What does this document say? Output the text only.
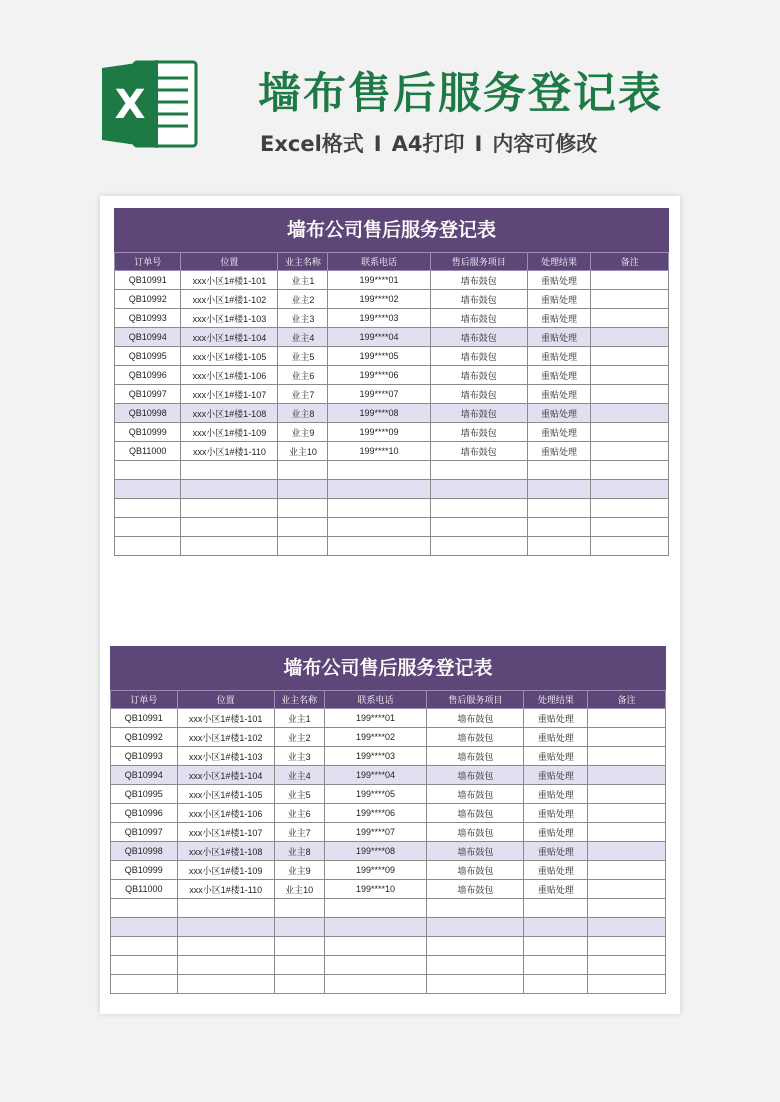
X	墙布售后服务登记表
Excel格式 I A4打印 I 内容可修改
墙布公司售后服务登记表
订单号	位置	业主名称	联系电话	售后服务项目	处理结果	备注
QB10991	xxx小区1#楼1-101	业主1	199****01	墙布鼓包	重贴处理	
QB10992	xxx小区1#楼1-102	业主2	199****02	墙布鼓包	重贴处理	
QB10993	xxx小区1#楼1-103	业主3	199****03	墙布鼓包	重贴处理	
QB10994	xxx小区1#楼1-104	业主4	199****04	墙布鼓包	重贴处理	
QB10995	xxx小区1#楼1-105	业主5	199****05	墙布鼓包	重贴处理	
QB10996	xxx小区1#楼1-106	业主6	199****06	墙布鼓包	重贴处理	
QB10997	xxx小区1#楼1-107	业主7	199****07	墙布鼓包	重贴处理	
QB10998	xxx小区1#楼1-108	业主8	199****08	墙布鼓包	重贴处理	
QB10999	xxx小区1#楼1-109	业主9	199****09	墙布鼓包	重贴处理	
QB11000	xxx小区1#楼1-110	业主10	199****10	墙布鼓包	重贴处理	

墙布公司售后服务登记表
订单号	位置	业主名称	联系电话	售后服务项目	处理结果	备注
QB10991	xxx小区1#楼1-101	业主1	199****01	墙布鼓包	重贴处理	
QB10992	xxx小区1#楼1-102	业主2	199****02	墙布鼓包	重贴处理	
QB10993	xxx小区1#楼1-103	业主3	199****03	墙布鼓包	重贴处理	
QB10994	xxx小区1#楼1-104	业主4	199****04	墙布鼓包	重贴处理	
QB10995	xxx小区1#楼1-105	业主5	199****05	墙布鼓包	重贴处理	
QB10996	xxx小区1#楼1-106	业主6	199****06	墙布鼓包	重贴处理	
QB10997	xxx小区1#楼1-107	业主7	199****07	墙布鼓包	重贴处理	
QB10998	xxx小区1#楼1-108	业主8	199****08	墙布鼓包	重贴处理	
QB10999	xxx小区1#楼1-109	业主9	199****09	墙布鼓包	重贴处理	
QB11000	xxx小区1#楼1-110	业主10	199****10	墙布鼓包	重贴处理	
